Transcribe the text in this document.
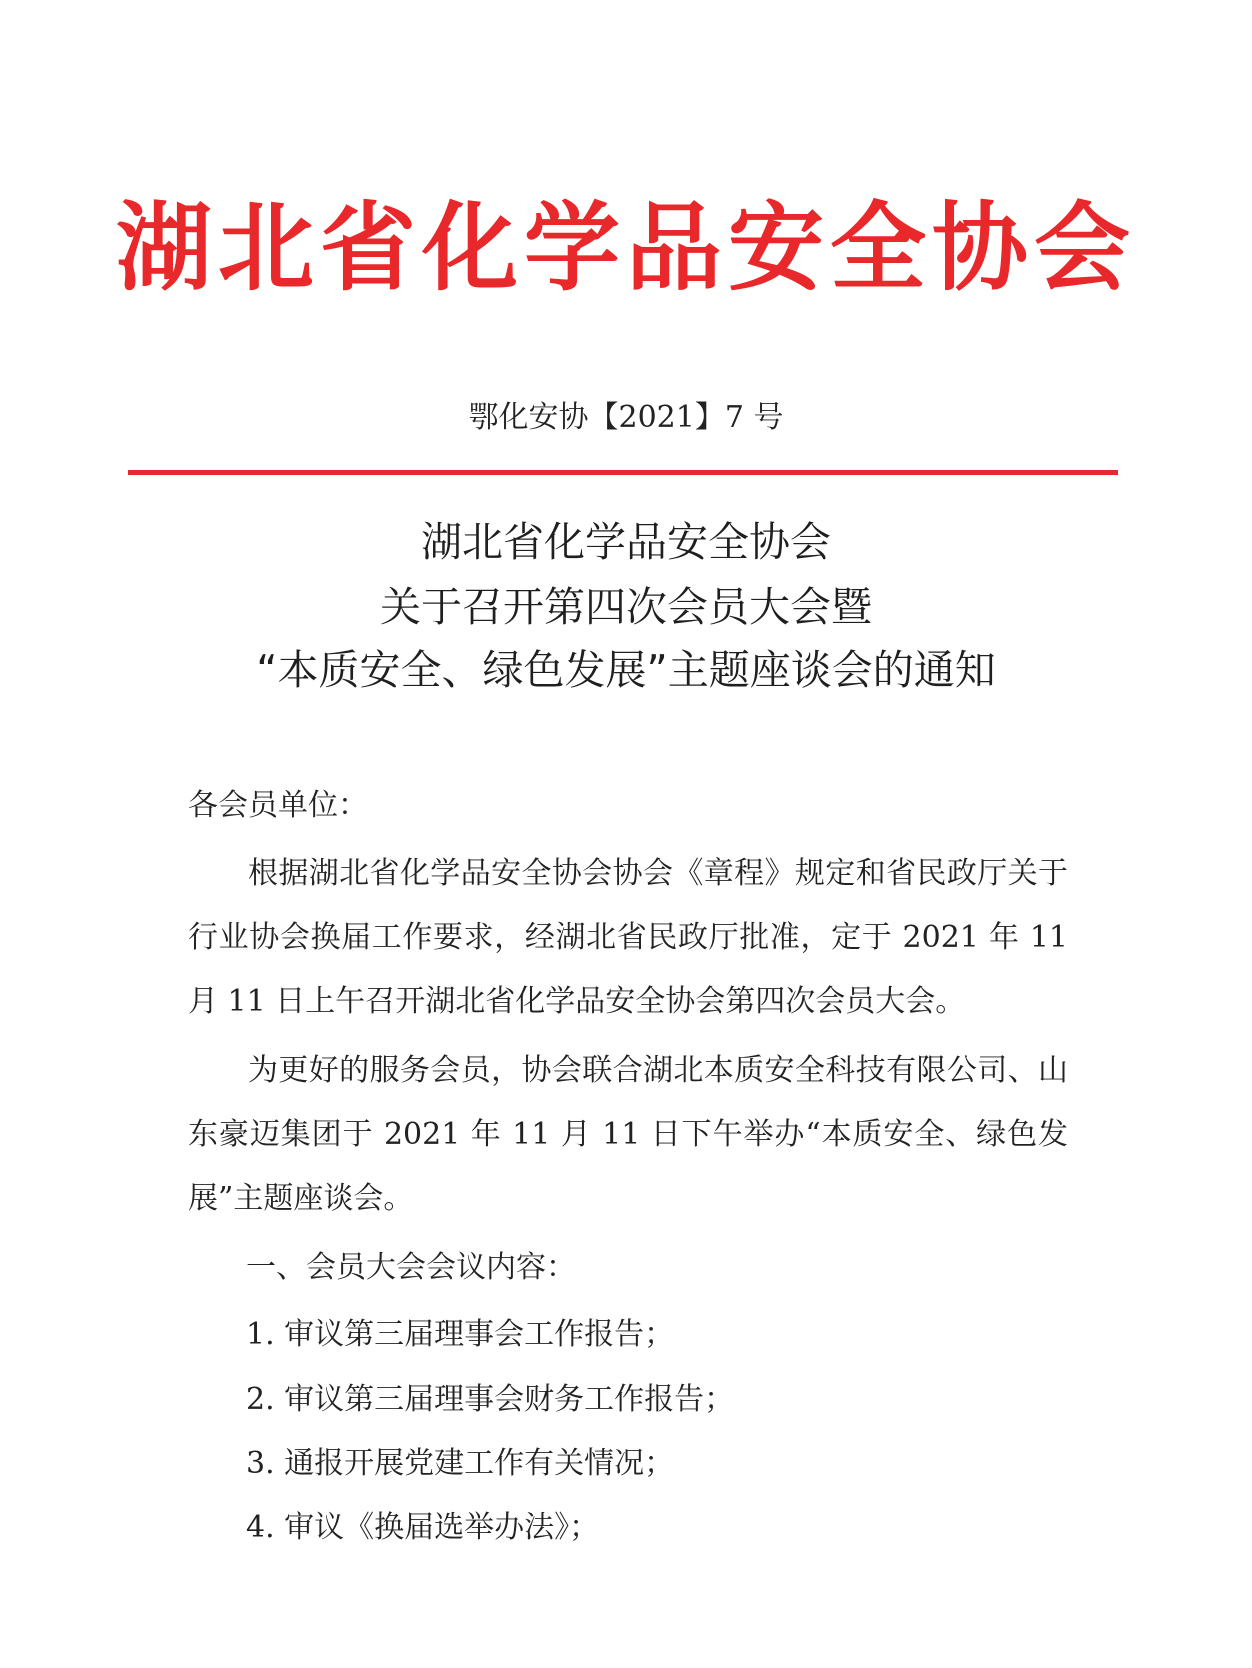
湖北省化学品安全协会
鄂化安协【2021】7 号
湖北省化学品安全协会
关于召开第四次会员大会暨
“本质安全、绿色发展”主题座谈会的通知

各会员单位：

根据湖北省化学品安全协会协会《章程》规定和省民政厅关于行业协会换届工作要求，经湖北省民政厅批准，定于 2021 年 11 月 11 日上午召开湖北省化学品安全协会第四次会员大会。

为更好的服务会员，协会联合湖北本质安全科技有限公司、山东豪迈集团于 2021 年 11 月 11 日下午举办“本质安全、绿色发展”主题座谈会。

一、会员大会会议内容：
1. 审议第三届理事会工作报告；
2. 审议第三届理事会财务工作报告；
3. 通报开展党建工作有关情况；
4. 审议《换届选举办法》；
